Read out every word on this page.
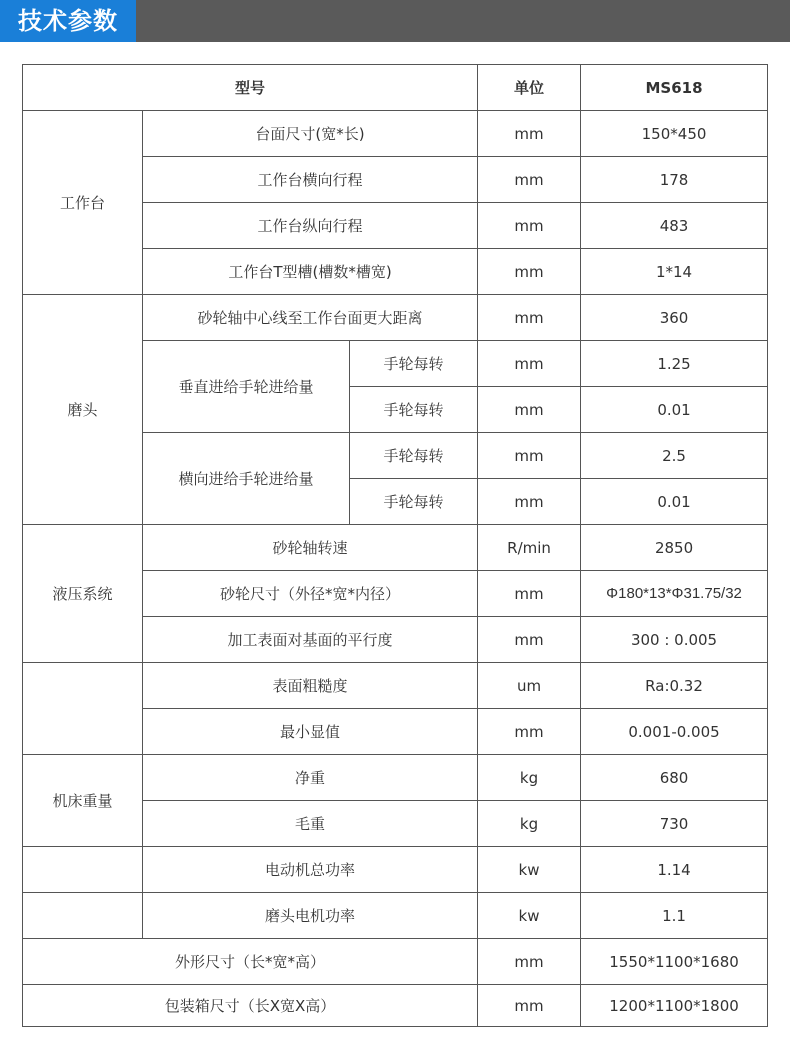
技术参数
型号			单位	MS618
工作台	台面尺寸(宽*长)		mm	150*450
	工作台横向行程		mm	178
	工作台纵向行程		mm	483
	工作台T型槽(槽数*槽宽)		mm	1*14
磨头	砂轮轴中心线至工作台面更大距离		mm	360
	垂直进给手轮进给量	手轮每转	mm	1.25
		手轮每转	mm	0.01
	横向进给手轮进给量	手轮每转	mm	2.5
		手轮每转	mm	0.01
液压系统	砂轮轴转速		R/min	2850
	砂轮尺寸（外径*宽*内径）		mm	Φ180*13*Φ31.75/32
	加工表面对基面的平行度		mm	300 : 0.005
	表面粗糙度		um	Ra:0.32
	最小显值		mm	0.001-0.005
机床重量	净重		kg	680
	毛重		kg	730
	电动机总功率		kw	1.14
	磨头电机功率		kw	1.1
外形尺寸（长*宽*高）			mm	1550*1100*1680
包装箱尺寸（长X宽X高）			mm	1200*1100*1800
